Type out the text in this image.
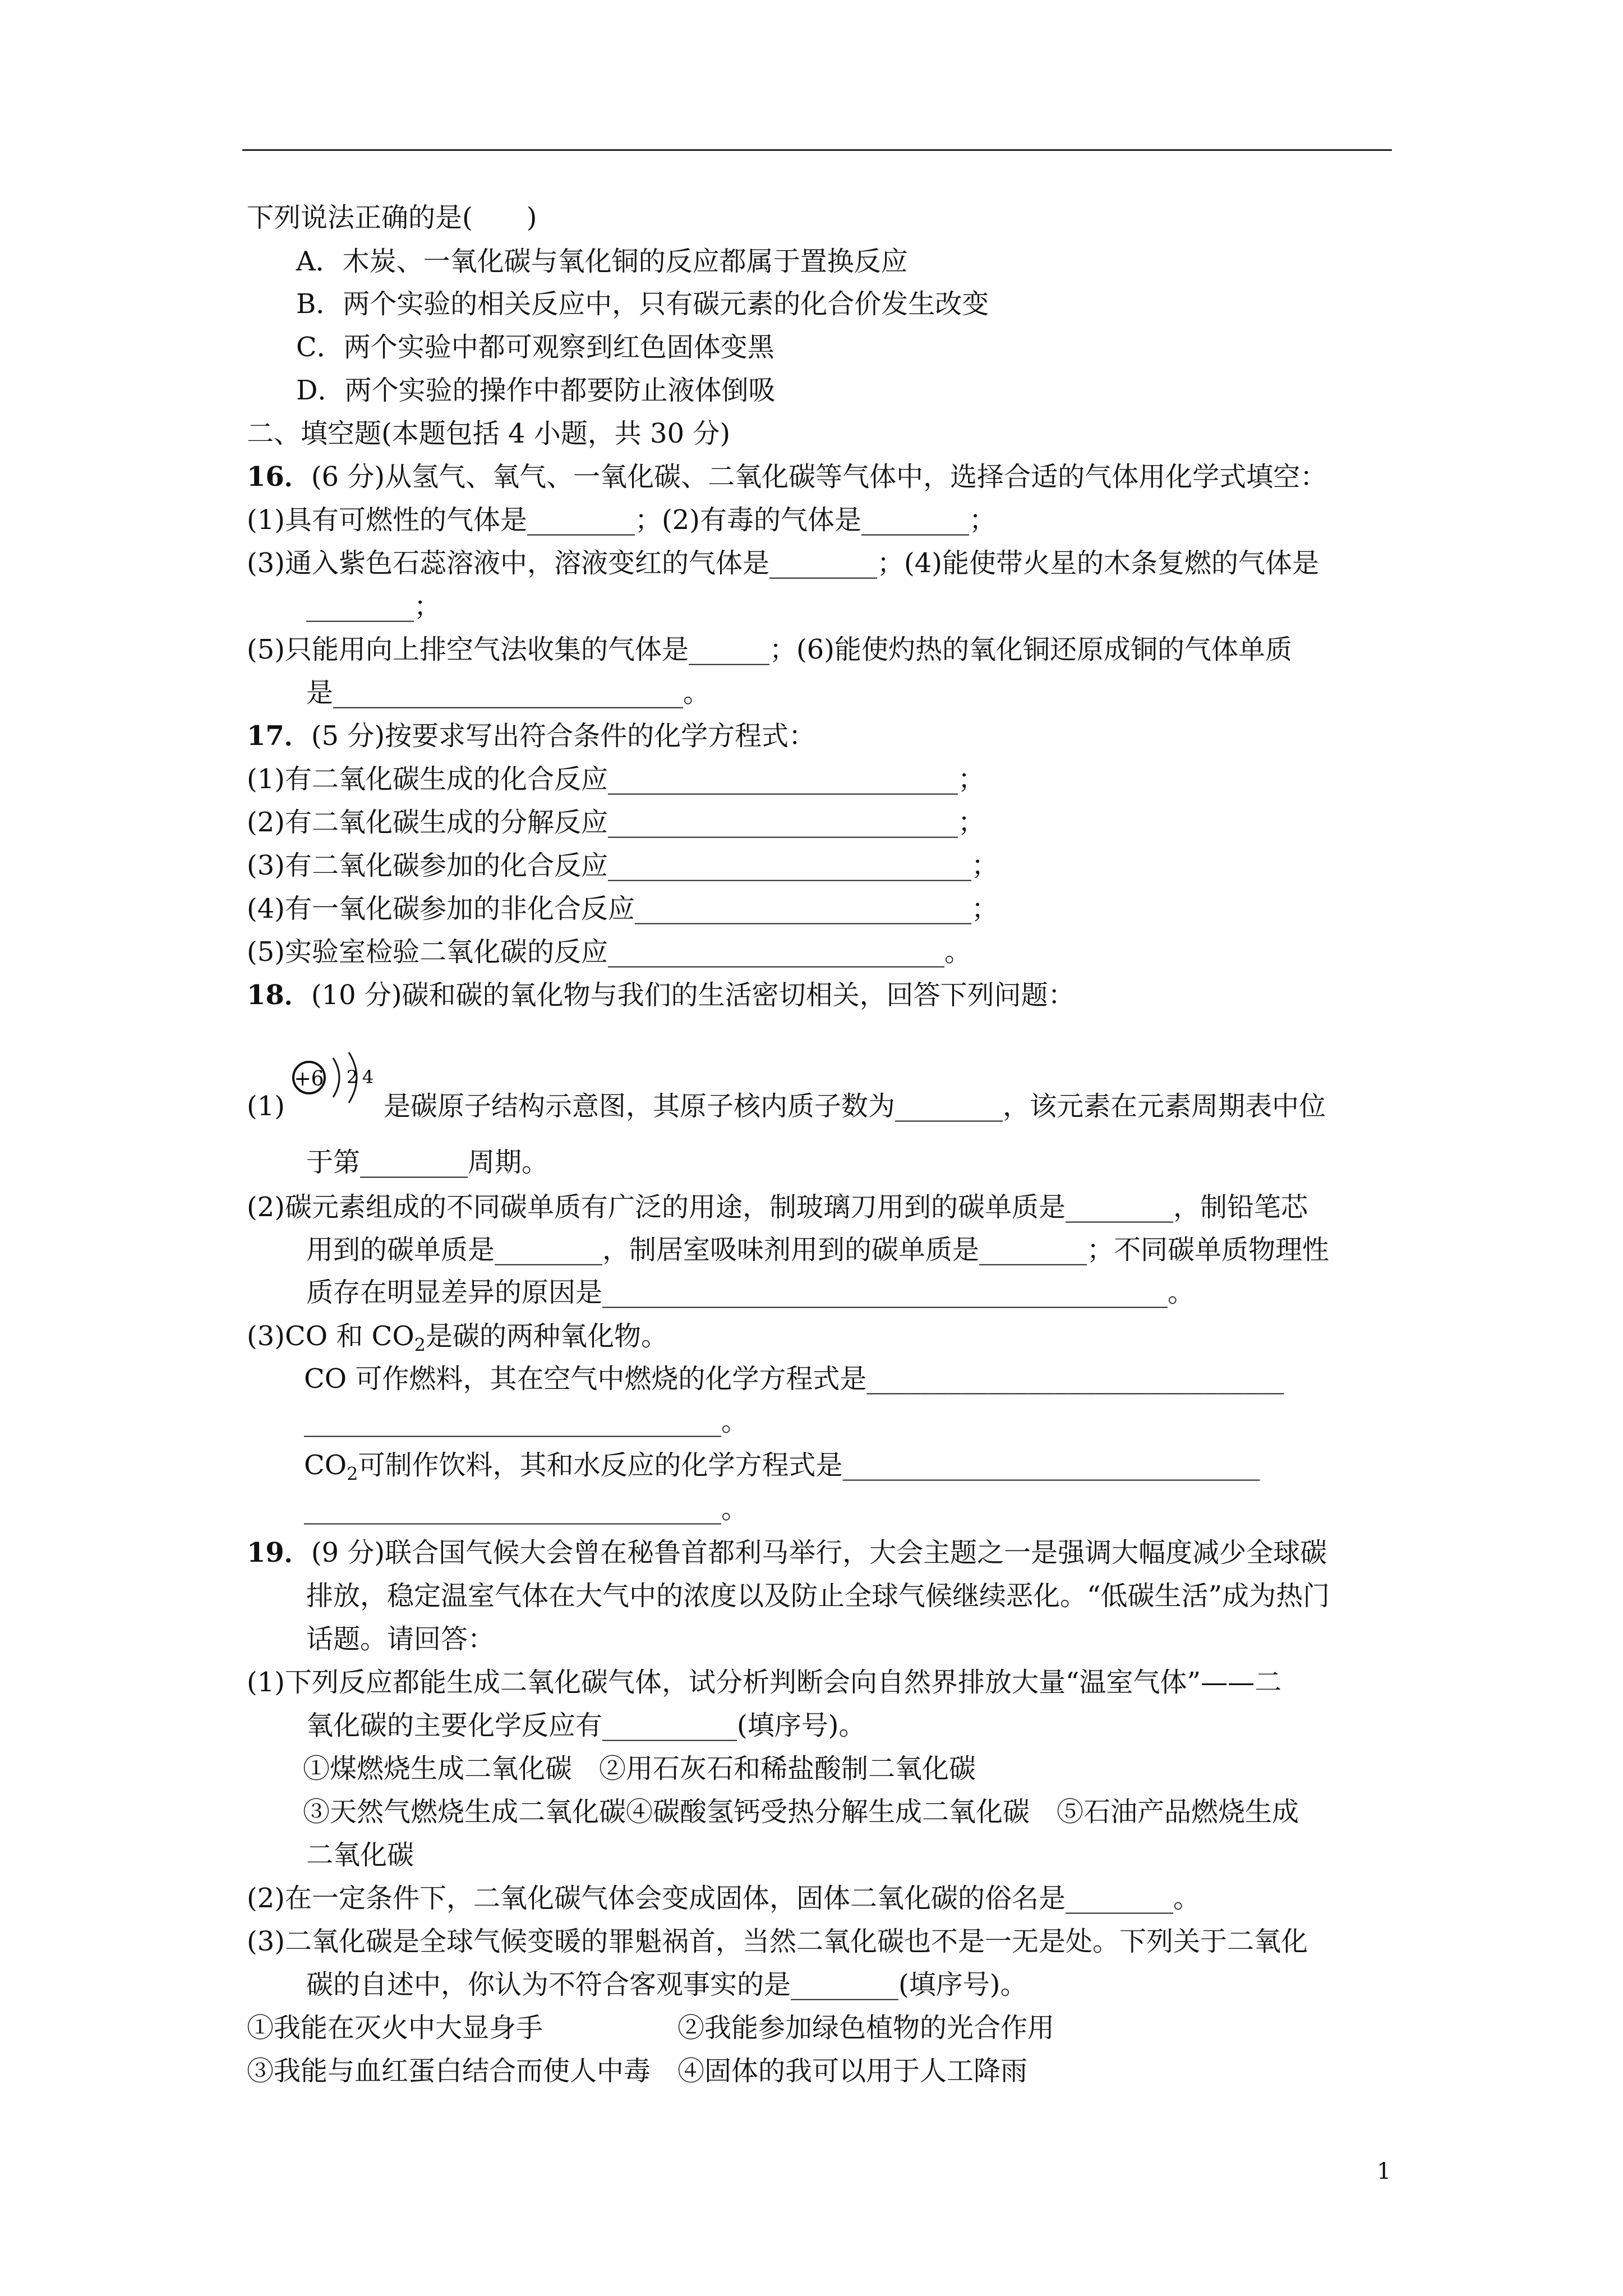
下列说法正确的是(　　)
A．木炭、一氧化碳与氧化铜的反应都属于置换反应
B．两个实验的相关反应中，只有碳元素的化合价发生改变
C．两个实验中都可观察到红色固体变黑
D．两个实验的操作中都要防止液体倒吸
二、填空题(本题包括 4 小题，共 30 分)
16．(6 分)从氢气、氧气、一氧化碳、二氧化碳等气体中，选择合适的气体用化学式填空：
(1)具有可燃性的气体是________；(2)有毒的气体是________；
(3)通入紫色石蕊溶液中，溶液变红的气体是________；(4)能使带火星的木条复燃的气体是
________；
(5)只能用向上排空气法收集的气体是______；(6)能使灼热的氧化铜还原成铜的气体单质
是__________________________。
17．(5 分)按要求写出符合条件的化学方程式：
(1)有二氧化碳生成的化合反应__________________________；
(2)有二氧化碳生成的分解反应__________________________；
(3)有二氧化碳参加的化合反应___________________________；
(4)有一氧化碳参加的非化合反应_________________________；
(5)实验室检验二氧化碳的反应_________________________。
18．(10 分)碳和碳的氧化物与我们的生活密切相关，回答下列问题：
+6 2 4
(1)	是碳原子结构示意图，其原子核内质子数为________，该元素在元素周期表中位
于第________周期。
(2)碳元素组成的不同碳单质有广泛的用途，制玻璃刀用到的碳单质是________，制铅笔芯
用到的碳单质是________，制居室吸味剂用到的碳单质是________；不同碳单质物理性
质存在明显差异的原因是__________________________________________。
(3)CO 和 $CO_2$是碳的两种氧化物。
CO 可作燃料，其在空气中燃烧的化学方程式是_______________________________
_______________________________。
$CO_2$可制作饮料，其和水反应的化学方程式是_______________________________
_______________________________。
19．(9 分)联合国气候大会曾在秘鲁首都利马举行，大会主题之一是强调大幅度减少全球碳
排放，稳定温室气体在大气中的浓度以及防止全球气候继续恶化。“低碳生活”成为热门
话题。请回答：
(1)下列反应都能生成二氧化碳气体，试分析判断会向自然界排放大量“温室气体”——二
氧化碳的主要化学反应有__________(填序号)。
①煤燃烧生成二氧化碳　②用石灰石和稀盐酸制二氧化碳
③天然气燃烧生成二氧化碳④碳酸氢钙受热分解生成二氧化碳　⑤石油产品燃烧生成
二氧化碳
(2)在一定条件下，二氧化碳气体会变成固体，固体二氧化碳的俗名是________。
(3)二氧化碳是全球气候变暖的罪魁祸首，当然二氧化碳也不是一无是处。下列关于二氧化
碳的自述中，你认为不符合客观事实的是________(填序号)。
①我能在灭火中大显身手　　　　　②我能参加绿色植物的光合作用
③我能与血红蛋白结合而使人中毒　④固体的我可以用于人工降雨
1
